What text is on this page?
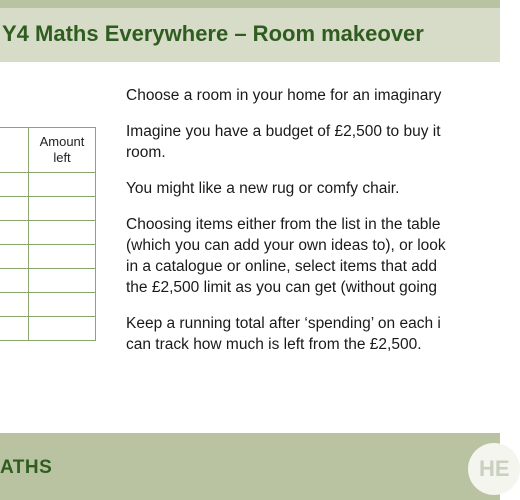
Y4 Maths Everywhere – Room makeover
	Amount
left

Choose a room in your home for an imaginary
Imagine you have a budget of £2,500 to buy it
room.
You might like a new rug or comfy chair.
Choosing items either from the list in the table
(which you can add your own ideas to), or look
in a catalogue or online, select items that add
the £2,500 limit as you can get (without going
Keep a running total after ‘spending’ on each i
can track how much is left from the £2,500.
ATHS	HE
